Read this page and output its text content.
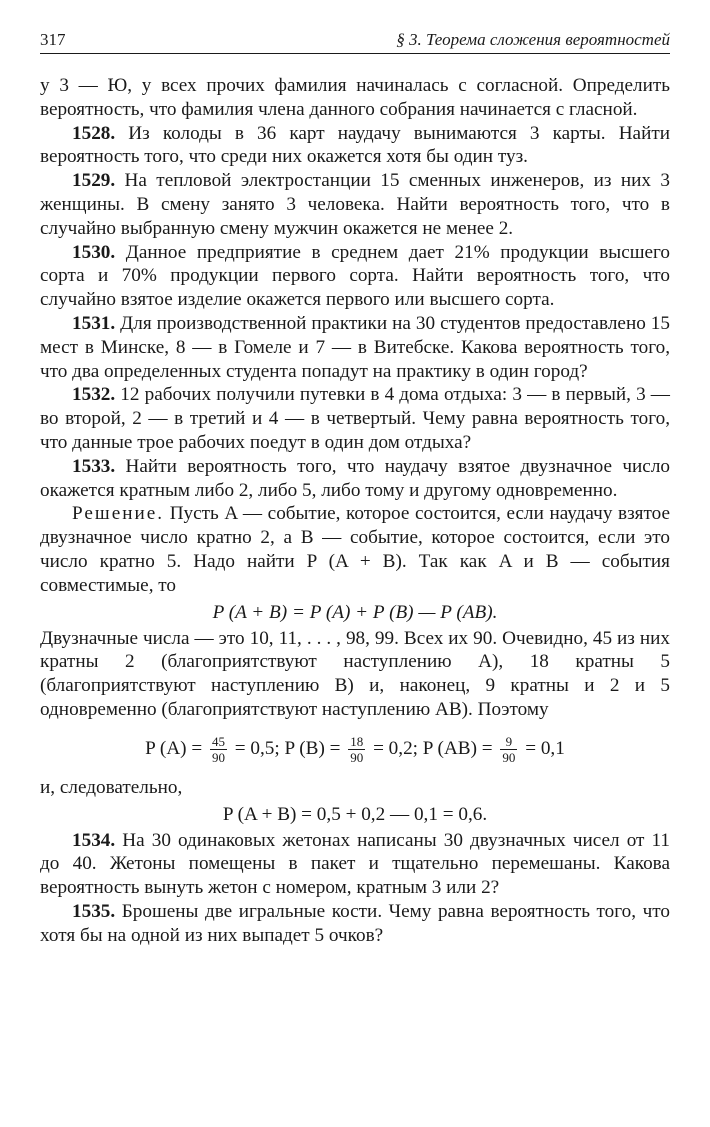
317	§ 3. Теорема сложения вероятностей

у 3 — Ю, у всех прочих фамилия начиналась с согласной. Определить вероятность, что фамилия члена данного собрания начинается с гласной.

1528. Из колоды в 36 карт наудачу вынимаются 3 карты. Найти вероятность того, что среди них окажется хотя бы один туз.

1529. На тепловой электростанции 15 сменных инженеров, из них 3 женщины. В смену занято 3 человека. Найти вероятность того, что в случайно выбранную смену мужчин окажется не менее 2.

1530. Данное предприятие в среднем дает 21% продукции высшего сорта и 70% продукции первого сорта. Найти вероятность того, что случайно взятое изделие окажется первого или высшего сорта.

1531. Для производственной практики на 30 студентов предоставлено 15 мест в Минске, 8 — в Гомеле и 7 — в Витебске. Какова вероятность того, что два определенных студента попадут на практику в один город?

1532. 12 рабочих получили путевки в 4 дома отдыха: 3 — в первый, 3 — во второй, 2 — в третий и 4 — в четвертый. Чему равна вероятность того, что данные трое рабочих поедут в один дом отдыха?

1533. Найти вероятность того, что наудачу взятое двузначное число окажется кратным либо 2, либо 5, либо тому и другому одновременно.

Решение. Пусть A — событие, которое состоится, если наудачу взятое двузначное число кратно 2, а B — событие, которое состоится, если это число кратно 5. Надо найти P (A + B). Так как A и B — события совместимые, то

P (A + B) = P (A) + P (B) — P (AB).

Двузначные числа — это 10, 11, . . . , 98, 99. Всех их 90. Очевидно, 45 из них кратны 2 (благоприятствуют наступлению A), 18 кратны 5 (благоприятствуют наступлению B) и, наконец, 9 кратны и 2 и 5 одновременно (благоприятствуют наступлению AB). Поэтому

P $(A) = \frac{45}{90} = 0,5$; P $(B) = \frac{18}{90} = 0,2$; P $(AB) = \frac{9}{90} = 0,1$

и, следовательно,

P (A + B) = 0,5 + 0,2 — 0,1 = 0,6.

1534. На 30 одинаковых жетонах написаны 30 двузначных чисел от 11 до 40. Жетоны помещены в пакет и тщательно перемешаны. Какова вероятность вынуть жетон с номером, кратным 3 или 2?

1535. Брошены две игральные кости. Чему равна вероятность того, что хотя бы на одной из них выпадет 5 очков?
